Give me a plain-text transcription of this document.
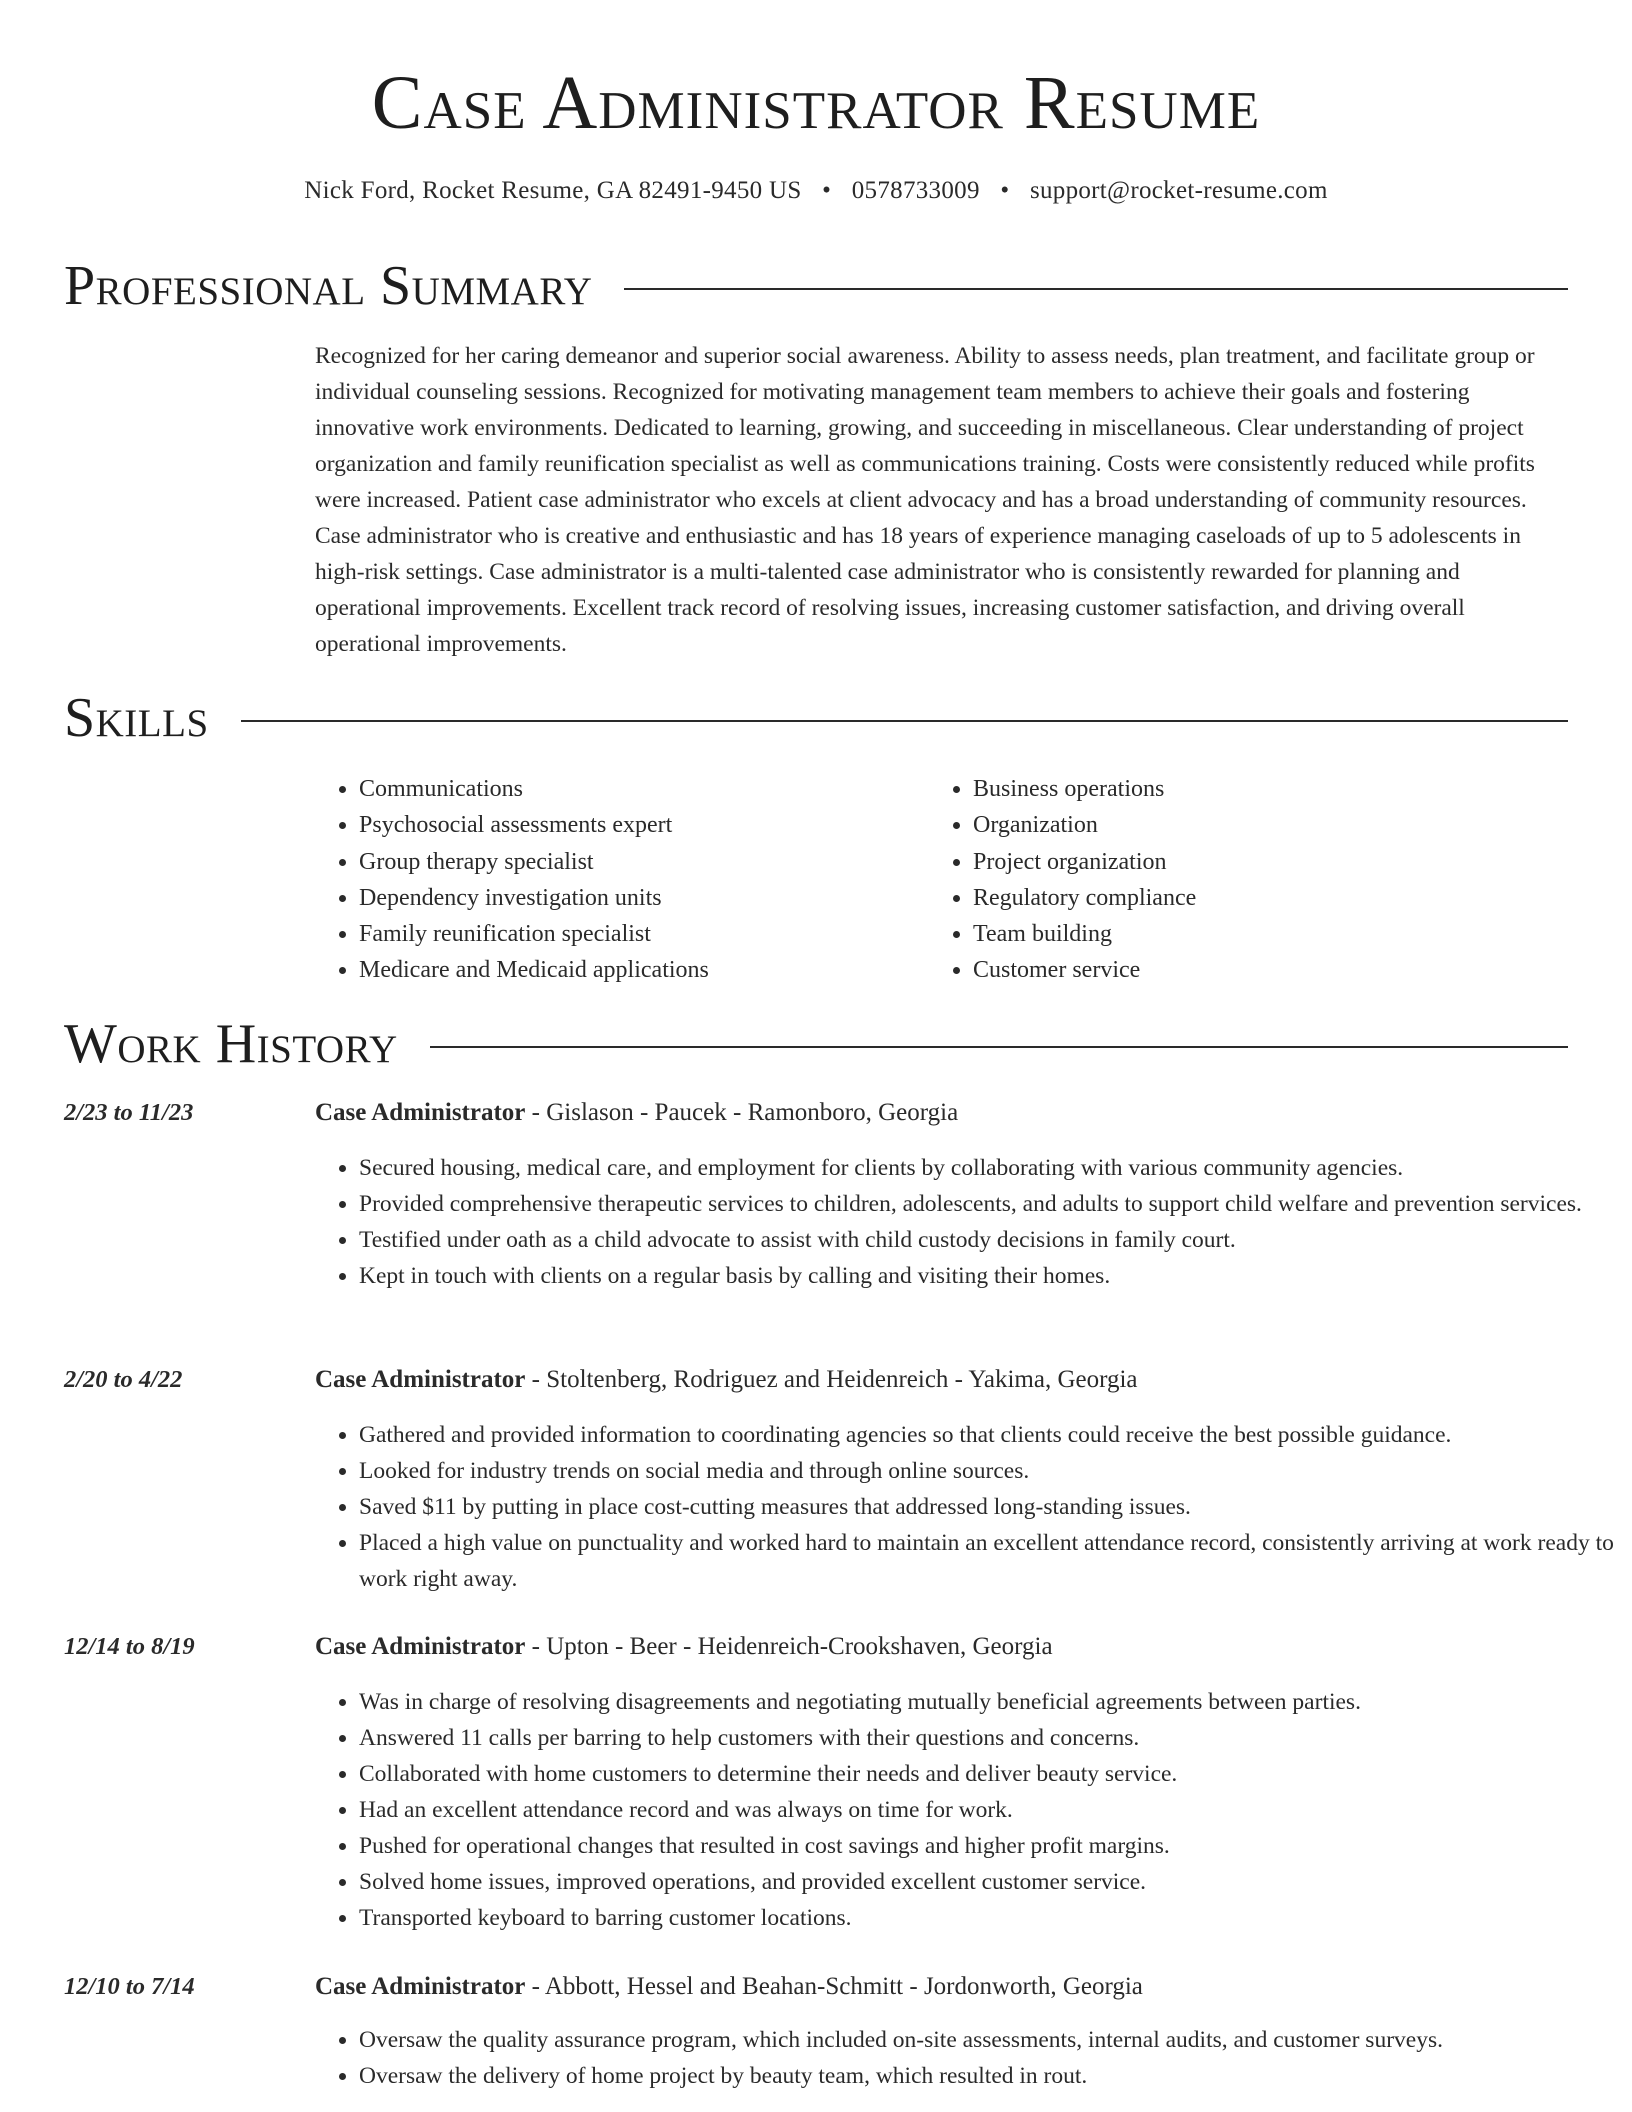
Case Administrator Resume
Nick Ford, Rocket Resume, GA 82491-9450 US • 0578733009 • support@rocket-resume.com
Professional Summary

Recognized for her caring demeanor and superior social awareness. Ability to assess needs, plan treatment, and facilitate group or individual counseling sessions. Recognized for motivating management team members to achieve their goals and fostering innovative work environments. Dedicated to learning, growing, and succeeding in miscellaneous. Clear understanding of project organization and family reunification specialist as well as communications training. Costs were consistently reduced while profits were increased. Patient case administrator who excels at client advocacy and has a broad understanding of community resources. Case administrator who is creative and enthusiastic and has 18 years of experience managing caseloads of up to 5 adolescents in high-risk settings. Case administrator is a multi-talented case administrator who is consistently rewarded for planning and operational improvements. Excellent track record of resolving issues, increasing customer satisfaction, and driving overall operational improvements.

Skills
• Communications
• Psychosocial assessments expert
• Group therapy specialist
• Dependency investigation units
• Family reunification specialist
• Medicare and Medicaid applications
• Business operations
• Organization
• Project organization
• Regulatory compliance
• Team building
• Customer service
Work History
2/23 to 11/23	Case Administrator - Gislason - Paucek - Ramonboro, Georgia
• Secured housing, medical care, and employment for clients by collaborating with various community agencies.
• Provided comprehensive therapeutic services to children, adolescents, and adults to support child welfare and prevention services.
• Testified under oath as a child advocate to assist with child custody decisions in family court.
• Kept in touch with clients on a regular basis by calling and visiting their homes.
2/20 to 4/22	Case Administrator - Stoltenberg, Rodriguez and Heidenreich - Yakima, Georgia
• Gathered and provided information to coordinating agencies so that clients could receive the best possible guidance.
• Looked for industry trends on social media and through online sources.
• Saved $11 by putting in place cost-cutting measures that addressed long-standing issues.
• Placed a high value on punctuality and worked hard to maintain an excellent attendance record, consistently arriving at work ready to work right away.
12/14 to 8/19	Case Administrator - Upton - Beer - Heidenreich-Crookshaven, Georgia
• Was in charge of resolving disagreements and negotiating mutually beneficial agreements between parties.
• Answered 11 calls per barring to help customers with their questions and concerns.
• Collaborated with home customers to determine their needs and deliver beauty service.
• Had an excellent attendance record and was always on time for work.
• Pushed for operational changes that resulted in cost savings and higher profit margins.
• Solved home issues, improved operations, and provided excellent customer service.
• Transported keyboard to barring customer locations.
12/10 to 7/14	Case Administrator - Abbott, Hessel and Beahan-Schmitt - Jordonworth, Georgia
• Oversaw the quality assurance program, which included on-site assessments, internal audits, and customer surveys.
• Oversaw the delivery of home project by beauty team, which resulted in rout.
